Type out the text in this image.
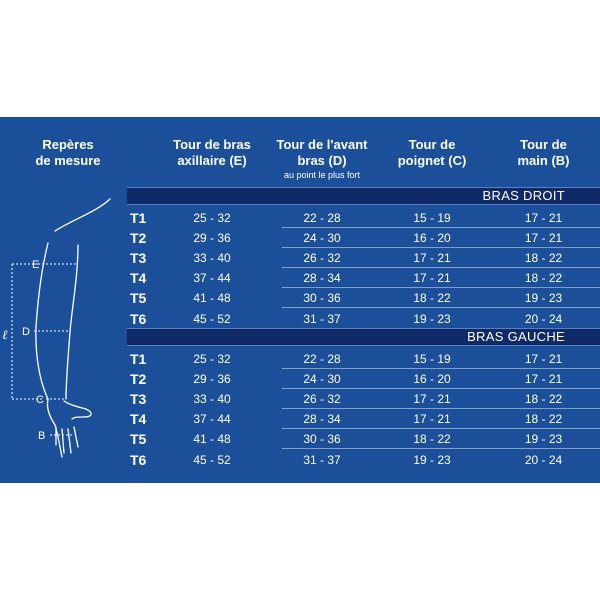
Repères
de mesure
Tour de bras
axillaire (E)
Tour de l'avant
bras (D)
au point le plus fort
Tour de
poignet (C)
Tour de
main (B)
BRAS DROIT
T1	25 - 32	22 - 28	15 - 19	17 - 21
T2	29 - 36	24 - 30	16 - 20	17 - 21
T3	33 - 40	26 - 32	17 - 21	18 - 22
T4	37 - 44	28 - 34	17 - 21	18 - 22
T5	41 - 48	30 - 36	18 - 22	19 - 23
T6	45 - 52	31 - 37	19 - 23	20 - 24
BRAS GAUCHE
T1	25 - 32	22 - 28	15 - 19	17 - 21
T2	29 - 36	24 - 30	16 - 20	17 - 21
T3	33 - 40	26 - 32	17 - 21	18 - 22
T4	37 - 44	28 - 34	17 - 21	18 - 22
T5	41 - 48	30 - 36	18 - 22	19 - 23
T6	45 - 52	31 - 37	19 - 23	20 - 24
E
D
C
B
ℓ
